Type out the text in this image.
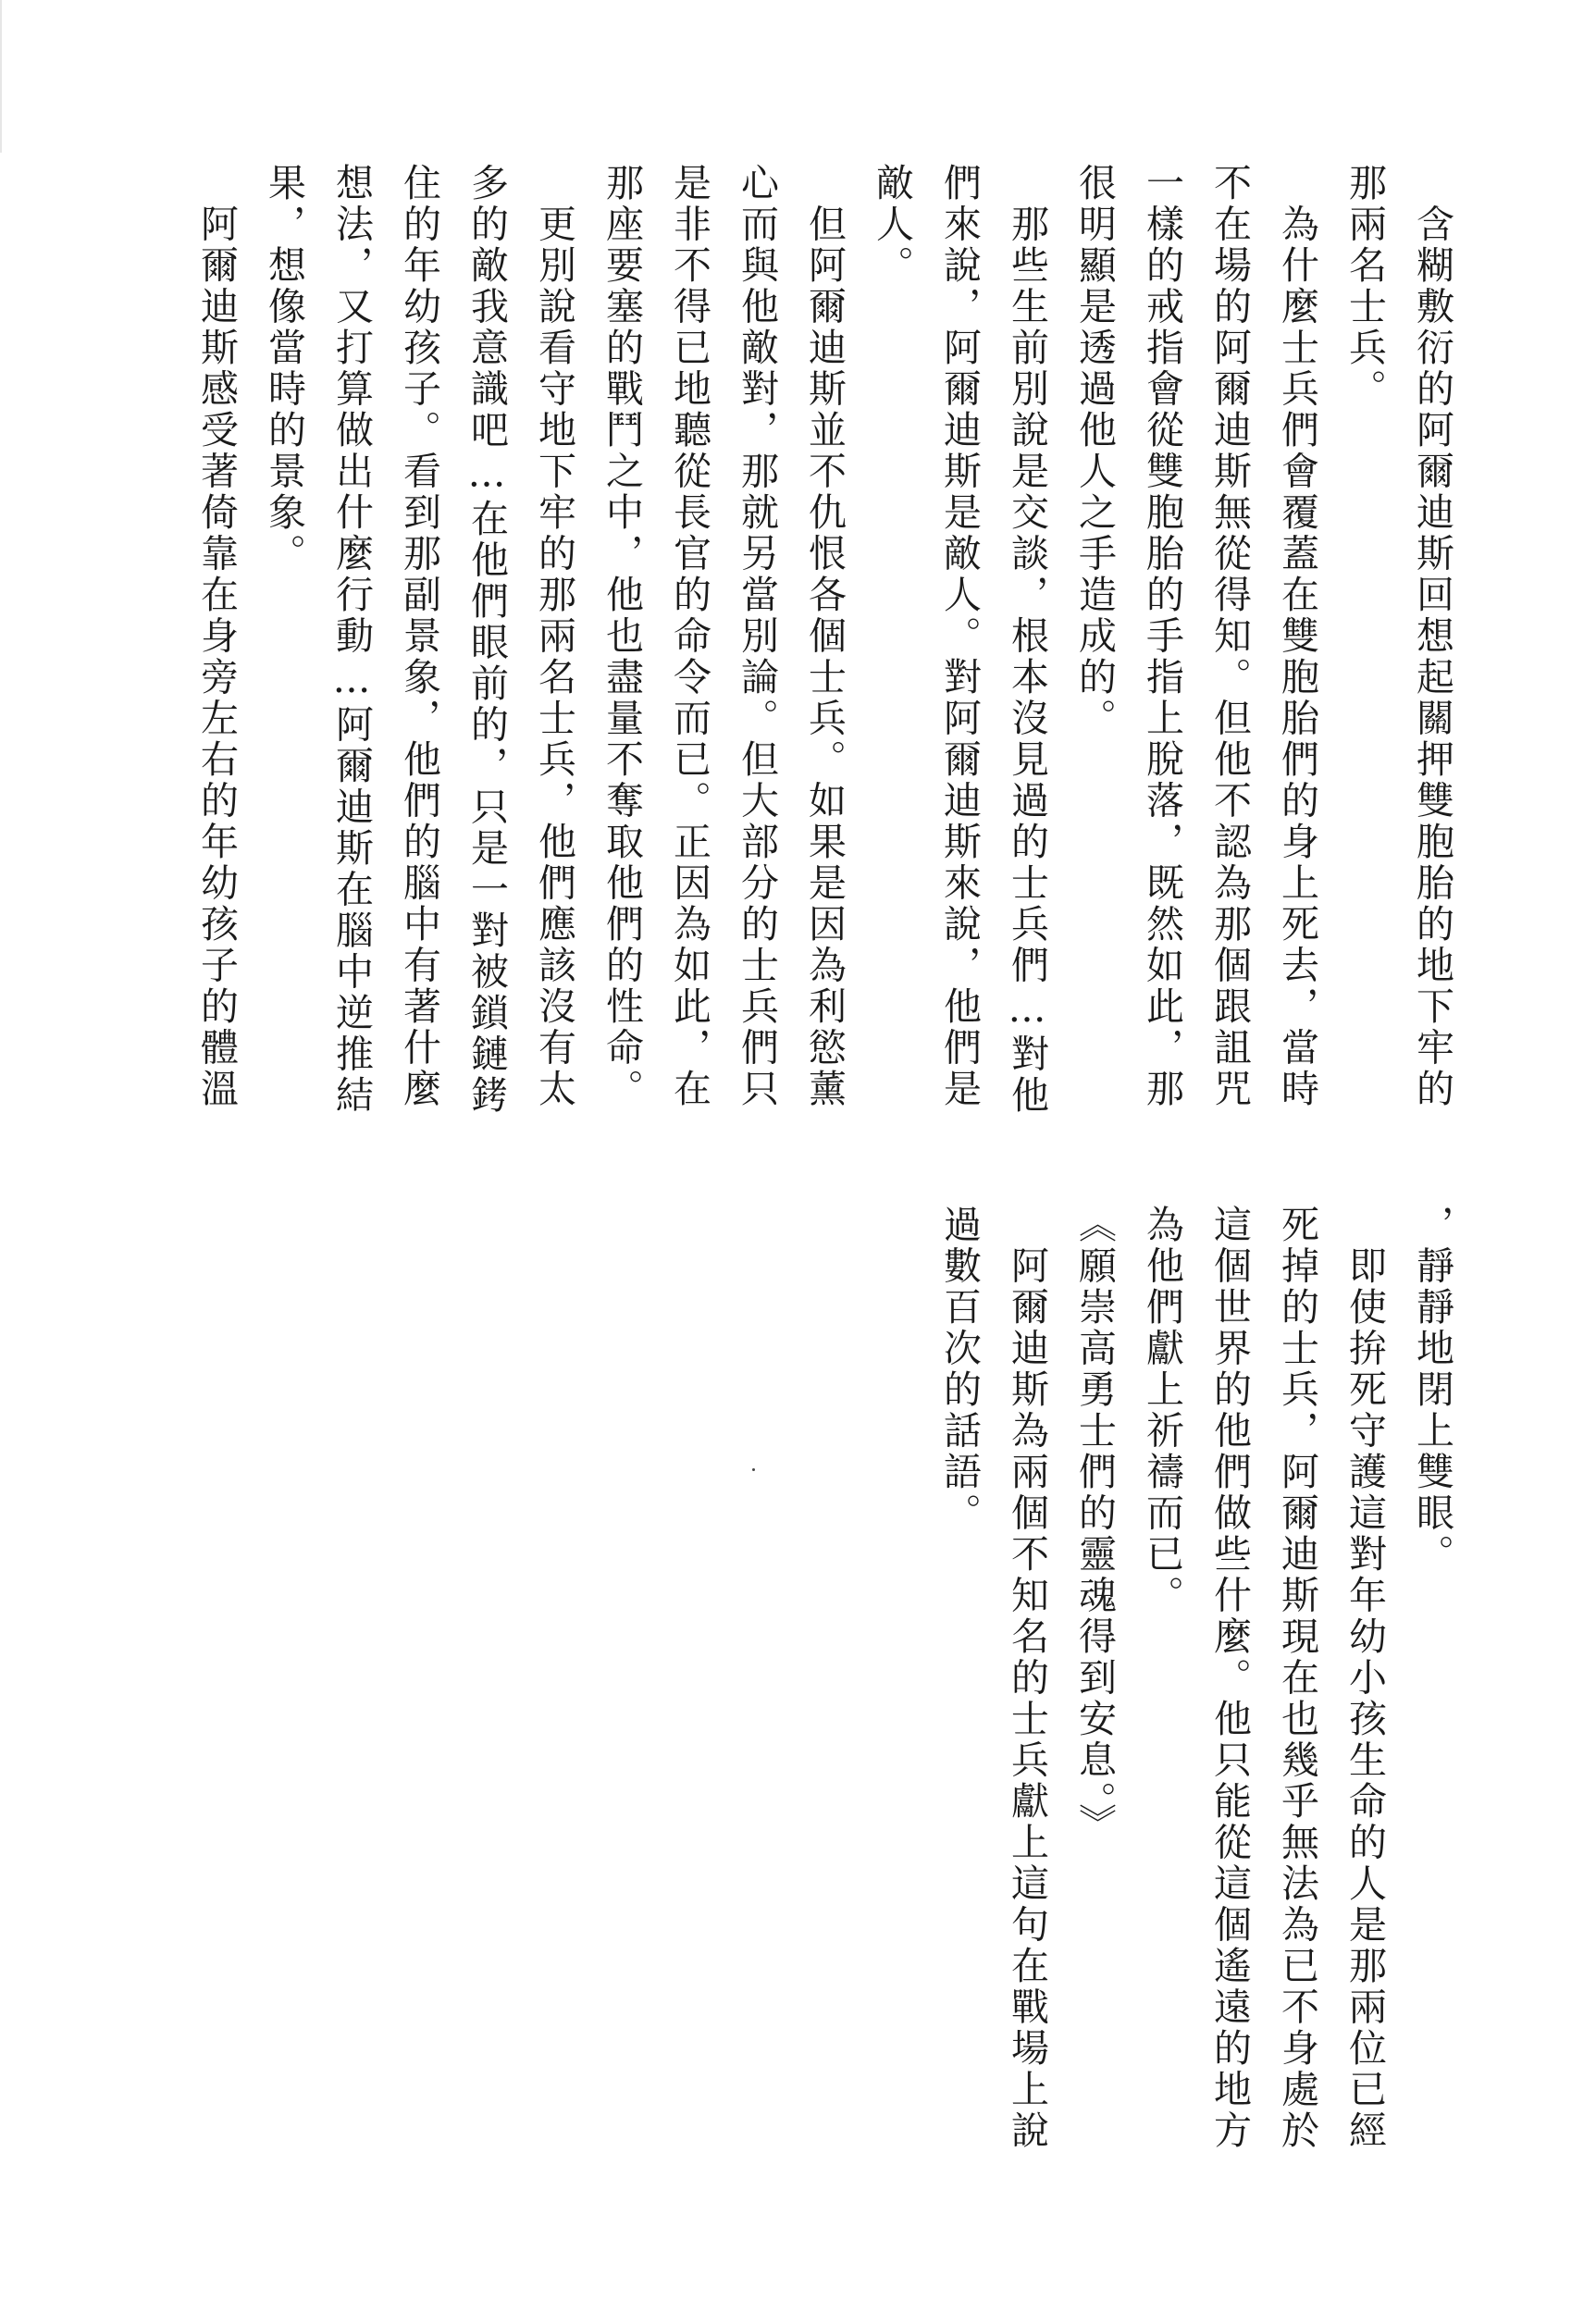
　含糊敷衍的阿爾迪斯回想起關押雙胞胎的地下牢的
那兩名士兵。
　為什麼士兵們會覆蓋在雙胞胎們的身上死去，當時
不在場的阿爾迪斯無從得知。但他不認為那個跟詛咒
一樣的戒指會從雙胞胎的手指上脫落，既然如此，那
很明顯是透過他人之手造成的。
　那些生前別說是交談，根本沒見過的士兵們…對他
們來說，阿爾迪斯是敵人。對阿爾迪斯來說，他們是
敵人。
　但阿爾迪斯並不仇恨各個士兵。如果是因為利慾薰
心而與他敵對，那就另當別論。但大部分的士兵們只
是非不得已地聽從長官的命令而已。正因為如此，在
那座要塞的戰鬥之中，他也盡量不奪取他們的性命。
　更別說看守地下牢的那兩名士兵，他們應該沒有太
多的敵我意識吧…在他們眼前的，只是一對被鎖鏈銬
住的年幼孩子。看到那副景象，他們的腦中有著什麼
想法，又打算做出什麼行動…阿爾迪斯在腦中逆推結
果，想像當時的景象。
　阿爾迪斯感受著倚靠在身旁左右的年幼孩子的體溫
，靜靜地閉上雙眼。
　即使拚死守護這對年幼小孩生命的人是那兩位已經
死掉的士兵，阿爾迪斯現在也幾乎無法為已不身處於
這個世界的他們做些什麼。他只能從這個遙遠的地方
為他們獻上祈禱而已。
《願崇高勇士們的靈魂得到安息。》
　阿爾迪斯為兩個不知名的士兵獻上這句在戰場上說
過數百次的話語。
